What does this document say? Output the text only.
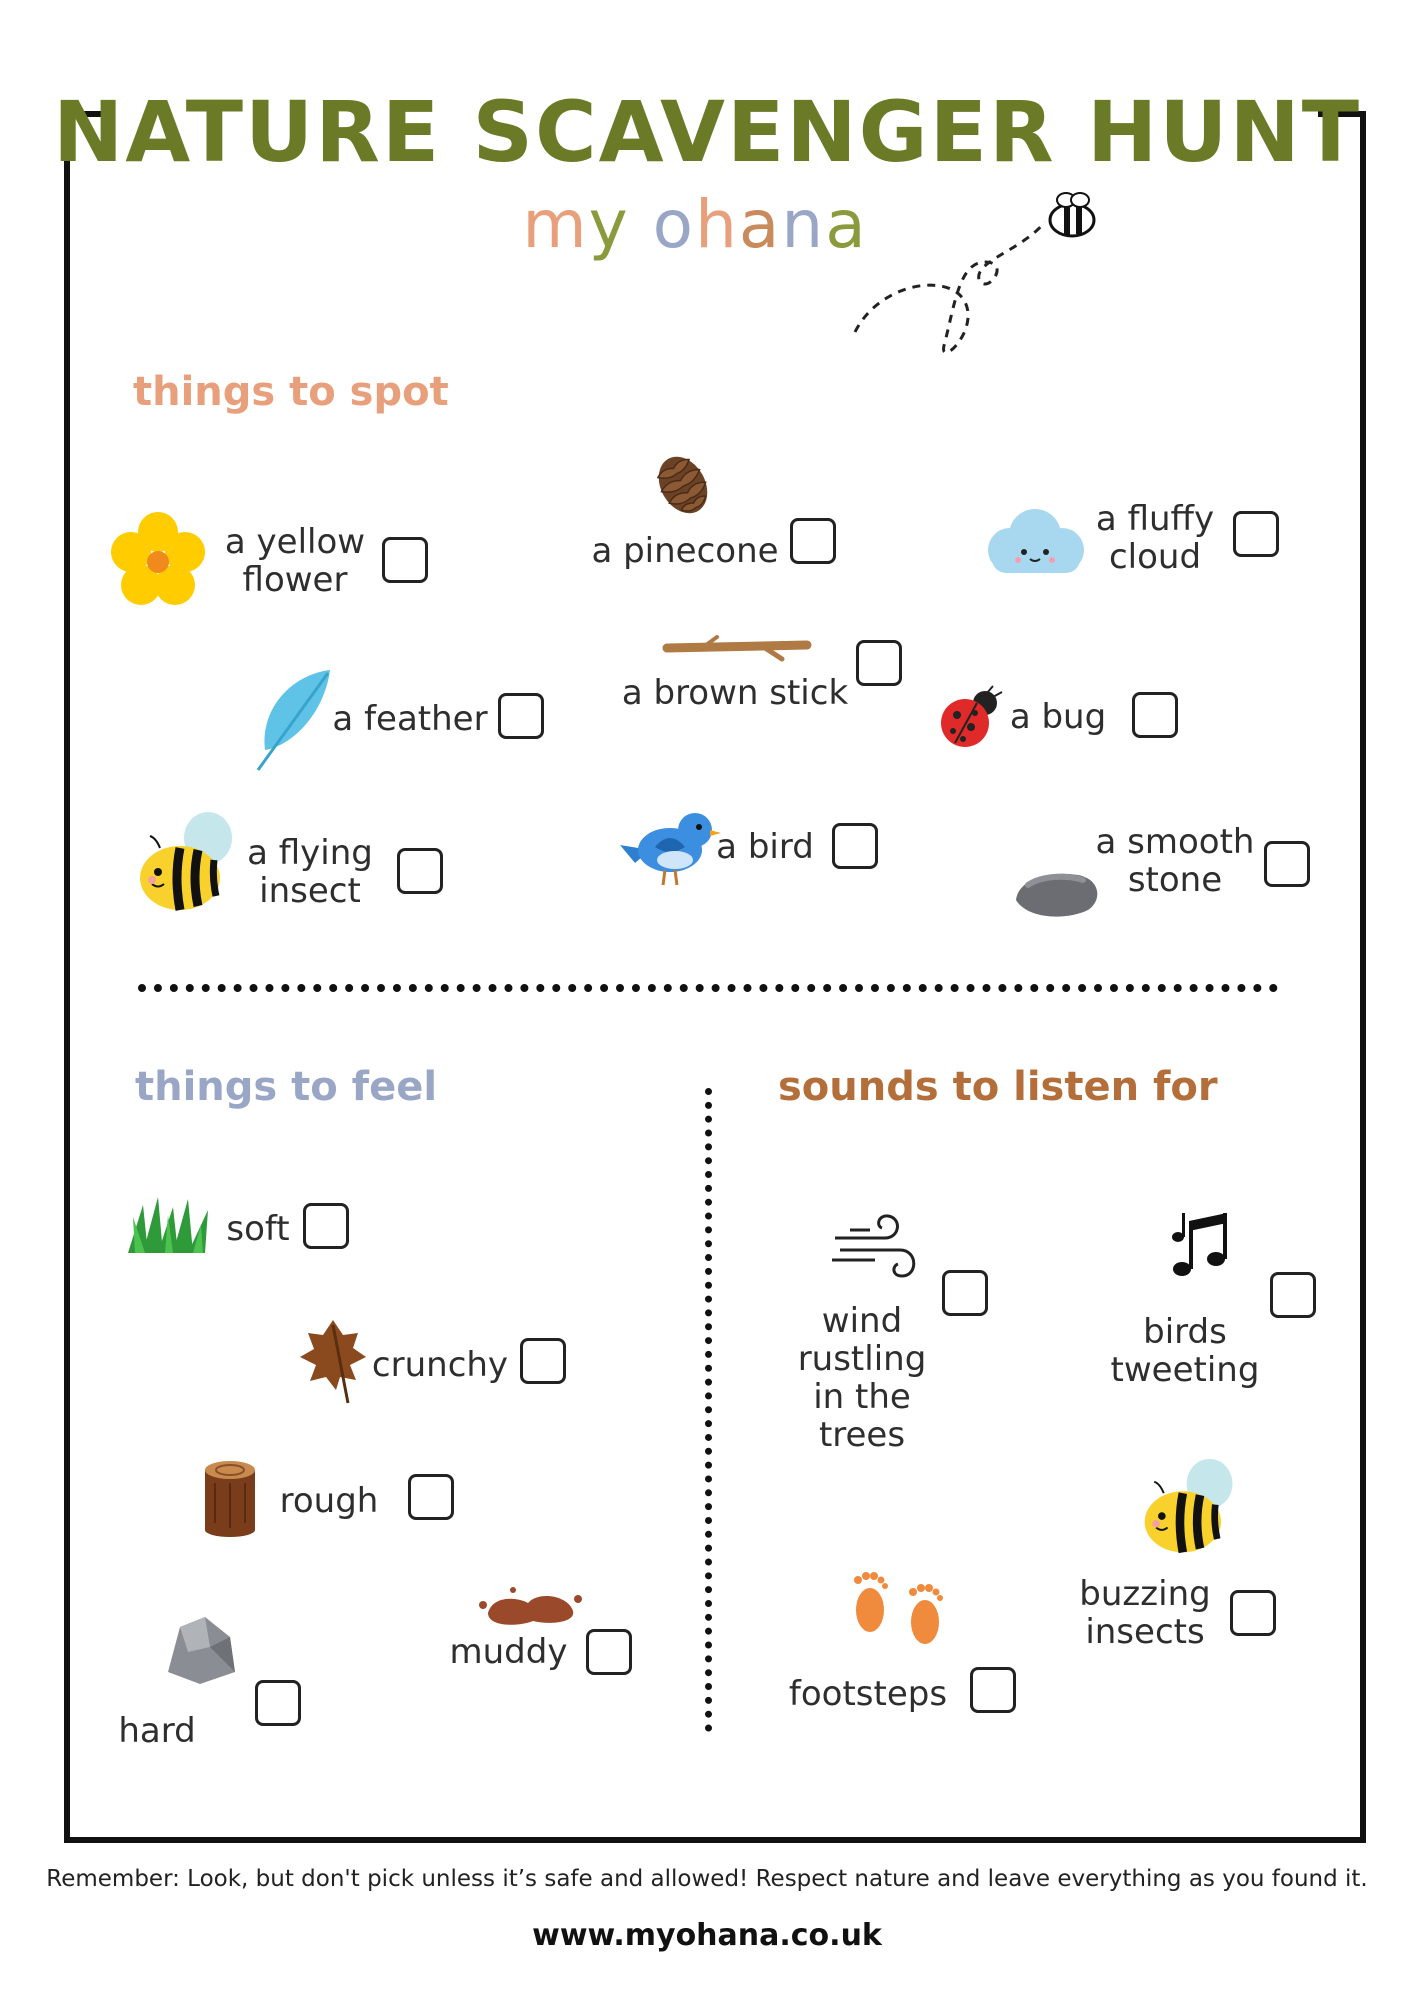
NATURE SCAVENGER HUNT
my ohana
things to spot
a yellow
flower
a pinecone
a fluffy
cloud
a feather
a brown stick
a bug
a flying
insect
a bird	a smooth
stone
things to feel
soft
crunchy
rough
muddy
hard
sounds to listen for
wind
rustling
in the
trees
birds
tweeting
buzzing
insects
footsteps
Remember: Look, but don't pick unless it’s safe and allowed! Respect nature and leave everything as you found it.
www.myohana.co.uk
